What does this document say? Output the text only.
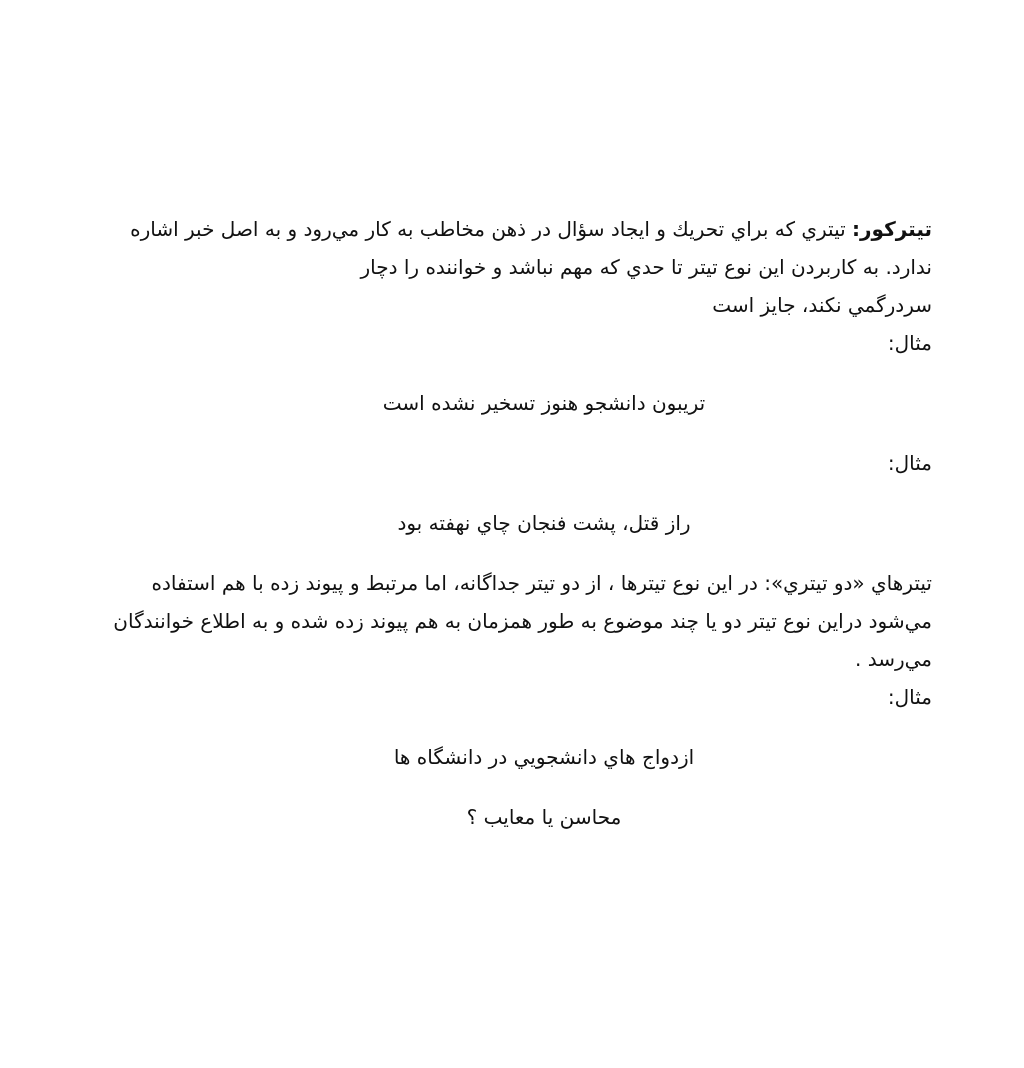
تیترکور: تیتري كه براي تحريك و ايجاد سؤال در ذهن مخاطب به كار مي‌رود و به اصل خبر اشاره ندارد. به كاربردن اين نوع تيتر تا حدي كه مهم نباشد و خواننده را دچار

سردرگمي نكند، جايز است

مثال:

تريبون دانشجو هنوز تسخير نشده است

مثال:

راز قتل، پشت فنجان چاي نهفته بود

تيترهاي «دو تيتري»: در اين نوع تيترها ، از دو تيتر جداگانه، اما مرتبط و پيوند زده با هم استفاده مي‌شود دراين نوع تيتر دو يا چند موضوع به طور همزمان به هم پيوند زده شده و به اطلاع خوانندگان مي‌رسد .

مثال:

ازدواج هاي دانشجويي در دانشگاه ها

محاسن يا معايب ؟
